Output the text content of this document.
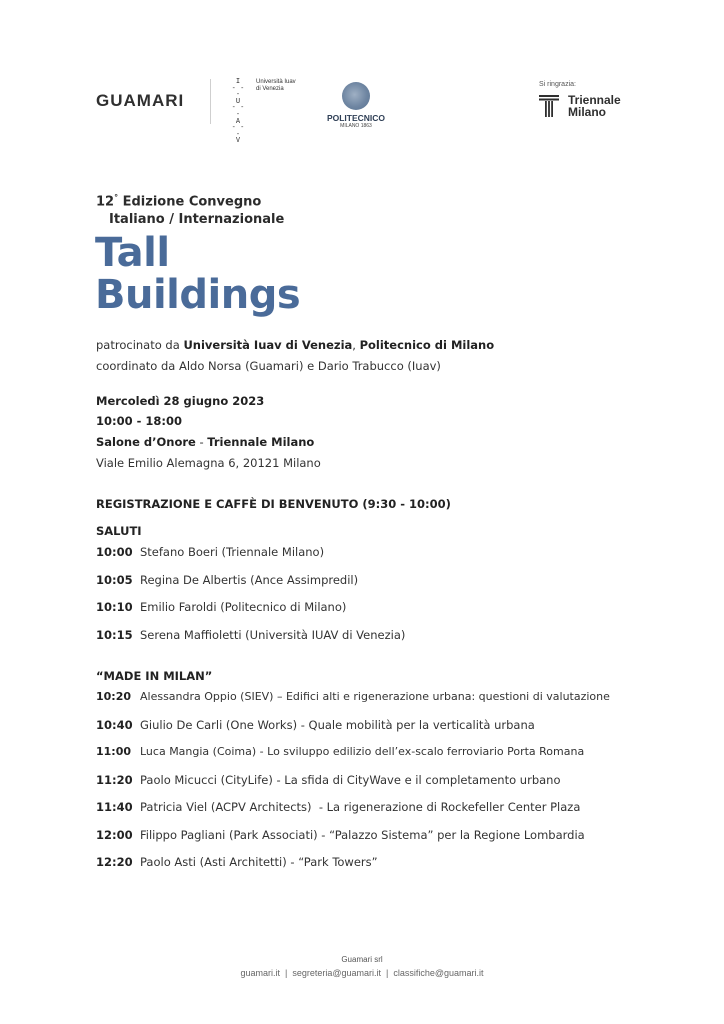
GUAMARI
I
- - -
U
- - -
A
- - -
V
Università Iuav
di Venezia
POLITECNICO
MILANO 1863
Si ringrazia:
Triennale
Milano
12° Edizione Convegno
Italiano / Internazionale
Tall
Buildings
patrocinato da Università Iuav di Venezia, Politecnico di Milano
coordinato da Aldo Norsa (Guamari) e Dario Trabucco (Iuav)
Mercoledì 28 giugno 2023
10:00 - 18:00
Salone d’Onore - Triennale Milano
Viale Emilio Alemagna 6, 20121 Milano
REGISTRAZIONE E CAFFÈ DI BENVENUTO (9:30 - 10:00)
SALUTI
10:00 Stefano Boeri (Triennale Milano)
10:05 Regina De Albertis (Ance Assimpredil)
10:10 Emilio Faroldi (Politecnico di Milano)
10:15 Serena Maffioletti (Università IUAV di Venezia)
“MADE IN MILAN”
10:20 Alessandra Oppio (SIEV) – Edifici alti e rigenerazione urbana: questioni di valutazione
10:40 Giulio De Carli (One Works) - Quale mobilità per la verticalità urbana
11:00 Luca Mangia (Coima) - Lo sviluppo edilizio dell’ex-scalo ferroviario Porta Romana
11:20 Paolo Micucci (CityLife) - La sfida di CityWave e il completamento urbano
11:40 Patricia Viel (ACPV Architects)  - La rigenerazione di Rockefeller Center Plaza
12:00 Filippo Pagliani (Park Associati) - “Palazzo Sistema” per la Regione Lombardia
12:20 Paolo Asti (Asti Architetti) - “Park Towers”
Guamari srl
guamari.it  |  segreteria@guamari.it  |  classifiche@guamari.it
